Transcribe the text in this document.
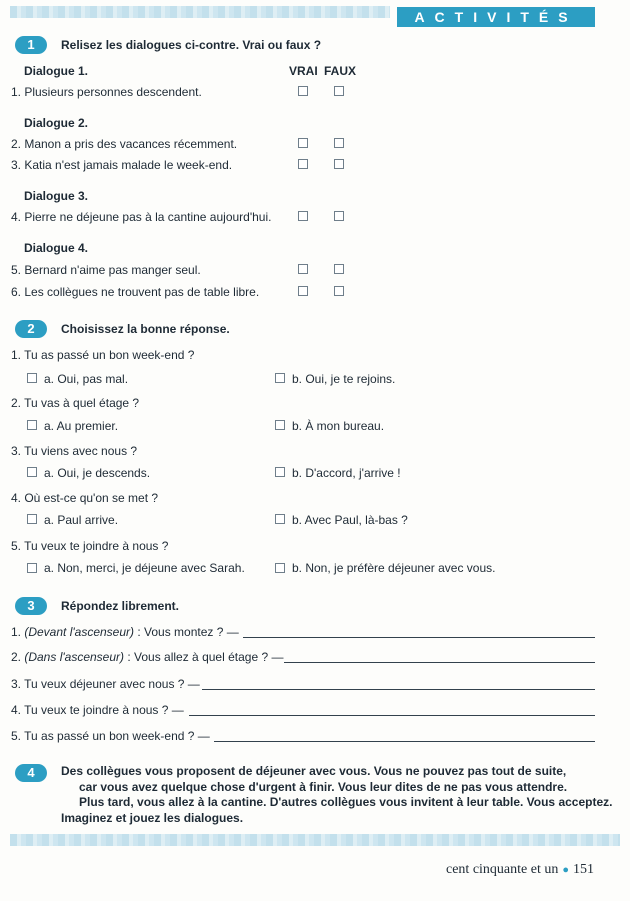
ACTIVITÉS
1	Relisez les dialogues ci-contre. Vrai ou faux ?
Dialogue 1.	VRAI FAUX
1. Plusieurs personnes descendent.
Dialogue 2.
2. Manon a pris des vacances récemment.
3. Katia n'est jamais malade le week-end.
Dialogue 3.
4. Pierre ne déjeune pas à la cantine aujourd'hui.
Dialogue 4.
5. Bernard n'aime pas manger seul.
6. Les collègues ne trouvent pas de table libre.
2	Choisissez la bonne réponse.
1. Tu as passé un bon week-end ?
a. Oui, pas mal.	b. Oui, je te rejoins.
2. Tu vas à quel étage ?
a. Au premier.	b. À mon bureau.
3. Tu viens avec nous ?
a. Oui, je descends.	b. D'accord, j'arrive !
4. Où est-ce qu'on se met ?
a. Paul arrive.	b. Avec Paul, là-bas ?
5. Tu veux te joindre à nous ?
a. Non, merci, je déjeune avec Sarah.	b. Non, je préfère déjeuner avec vous.
3	Répondez librement.
1. (Devant l'ascenseur) : Vous montez ? —
2. (Dans l'ascenseur) : Vous allez à quel étage ? —
3. Tu veux déjeuner avec nous ? —
4. Tu veux te joindre à nous ? —
5. Tu as passé un bon week-end ? —
4	Des collègues vous proposent de déjeuner avec vous. Vous ne pouvez pas tout de suite,
car vous avez quelque chose d'urgent à finir. Vous leur dites de ne pas vous attendre.
Plus tard, vous allez à la cantine. D'autres collègues vous invitent à leur table. Vous acceptez.
Imaginez et jouez les dialogues.
cent cinquante et un ● 151
